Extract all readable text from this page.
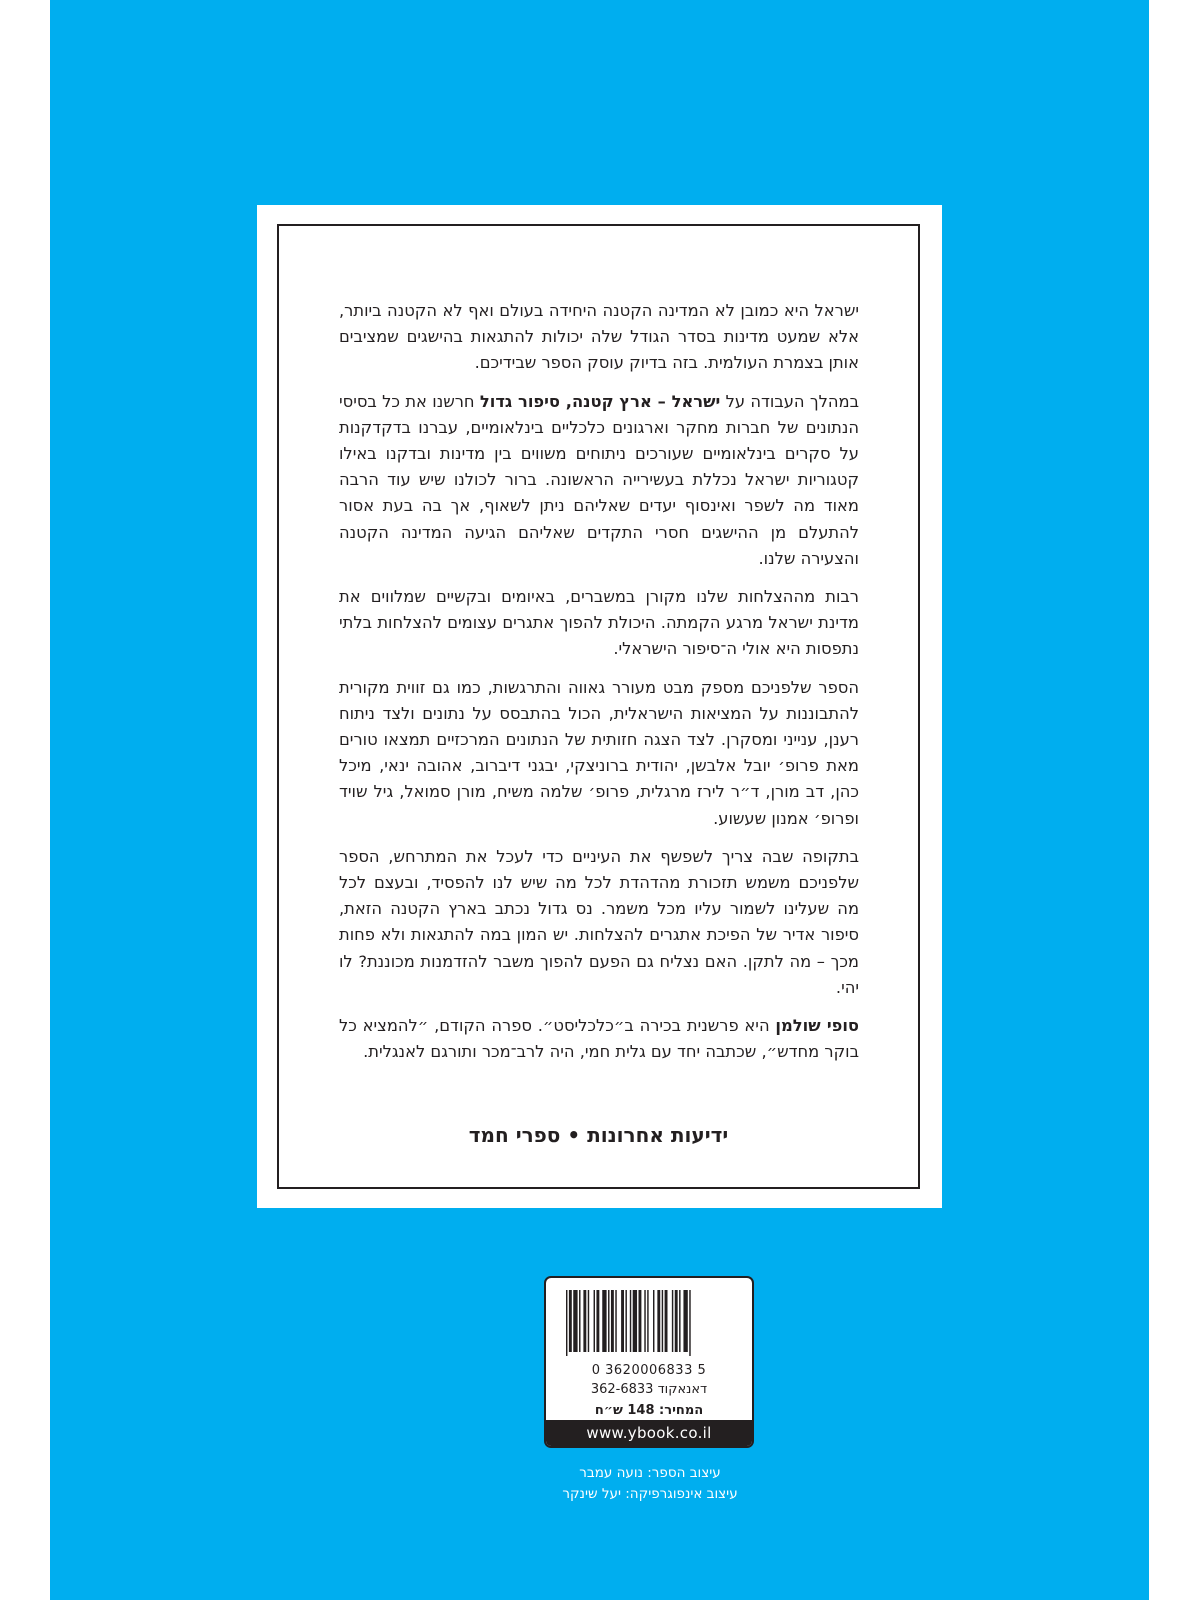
ישראל היא כמובן לא המדינה הקטנה היחידה בעולם ואף לא הקטנה ביותר, אלא שמעט מדינות בסדר הגודל שלה יכולות להתגאות בהישגים שמציבים אותן בצמרת העולמית. בזה בדיוק עוסק הספר שבידיכם.

במהלך העבודה על ישראל – ארץ קטנה, סיפור גדול חרשנו את כל בסיסי הנתונים של חברות מחקר וארגונים כלכליים בינלאומיים, עברנו בדקדקנות על סקרים בינלאומיים שעורכים ניתוחים משווים בין מדינות ובדקנו באילו קטגוריות ישראל נכללת בעשירייה הראשונה. ברור לכולנו שיש עוד הרבה מאוד מה לשפר ואינסוף יעדים שאליהם ניתן לשאוף, אך בה בעת אסור להתעלם מן ההישגים חסרי התקדים שאליהם הגיעה המדינה הקטנה והצעירה שלנו.

רבות מההצלחות שלנו מקורן במשברים, באיומים ובקשיים שמלווים את מדינת ישראל מרגע הקמתה. היכולת להפוך אתגרים עצומים להצלחות בלתי נתפסות היא אולי ה־סיפור הישראלי.

הספר שלפניכם מספק מבט מעורר גאווה והתרגשות, כמו גם זווית מקורית להתבוננות על המציאות הישראלית, הכול בהתבסס על נתונים ולצד ניתוח רענן, ענייני ומסקרן. לצד הצגה חזותית של הנתונים המרכזיים תמצאו טורים מאת פרופ׳ יובל אלבשן, יהודית ברוניצקי, יבגני דיברוב, אהובה ינאי, מיכל כהן, דב מורן, ד״ר לירז מרגלית, פרופ׳ שלמה משיח, מורן סמואל, גיל שויד ופרופ׳ אמנון שעשוע.

בתקופה שבה צריך לשפשף את העיניים כדי לעכל את המתרחש, הספר שלפניכם משמש תזכורת מהדהדת לכל מה שיש לנו להפסיד, ובעצם לכל מה שעלינו לשמור עליו מכל משמר. נס גדול נכתב בארץ הקטנה הזאת, סיפור אדיר של הפיכת אתגרים להצלחות. יש המון במה להתגאות ולא פחות מכך – מה לתקן. האם נצליח גם הפעם להפוך משבר להזדמנות מכוננת? לו יהי.

סופי שולמן היא פרשנית בכירה ב״כלכליסט״. ספרה הקודם, ״להמציא כל בוקר מחדש״, שכתבה יחד עם גלית חמי, היה לרב־מכר ותורגם לאנגלית.

ידיעות אחרונות • ספרי חמד
0 3620006833 5
דאנאקוד 362-6833
המחיר: 148 ש״ח
www.ybook.co.il
עיצוב הספר: נועה עמבר
עיצוב אינפוגרפיקה: יעל שינקר
